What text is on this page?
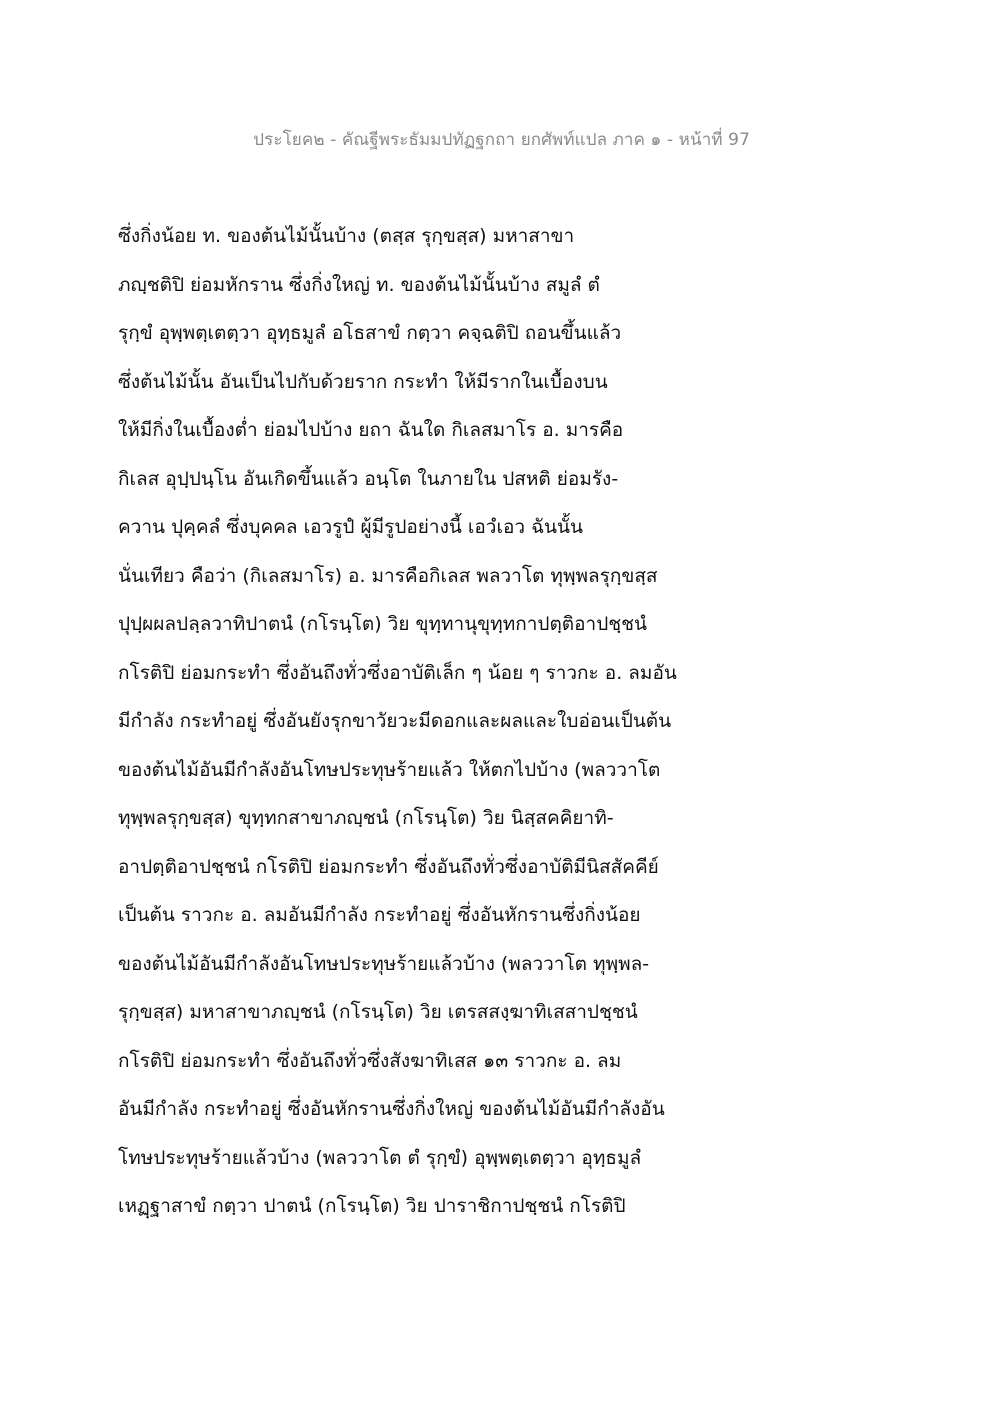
ประโยค๒ - คัณฐีพระธัมมปทัฏฐกถา ยกศัพท์แปล ภาค ๑ - หน้าที่ 97
ซึ่งกิ่งน้อย ท. ของต้นไม้นั้นบ้าง (ตสฺส รุกฺขสฺส) มหาสาขา
ภญฺชติปิ ย่อมหักราน ซึ่งกิ่งใหญ่ ท. ของต้นไม้นั้นบ้าง สมูลํ ตํ
รุกฺขํ อุพฺพตฺเตตฺวา อุทฺธมูลํ อโธสาขํ กตฺวา คจฺฉติปิ ถอนขึ้นแล้ว
ซึ่งต้นไม้นั้น อันเป็นไปกับด้วยราก กระทำ ให้มีรากในเบื้องบน
ให้มีกิ่งในเบื้องต่ำ ย่อมไปบ้าง ยถา ฉันใด กิเลสมาโร อ. มารคือ
กิเลส อุปฺปนฺโน อันเกิดขึ้นแล้ว อนฺโต ในภายใน ปสหติ ย่อมรัง-
ควาน ปุคฺคลํ ซึ่งบุคคล เอวรูปํ ผู้มีรูปอย่างนี้ เอวํเอว ฉันนั้น
นั่นเทียว คือว่า (กิเลสมาโร) อ. มารคือกิเลส พลวาโต ทุพฺพลรุกฺขสฺส
ปุปฺผผลปลฺลวาทิปาตนํ (กโรนฺโต) วิย ขุทฺทานุขุทฺทกาปตฺติอาปชฺชนํ
กโรติปิ ย่อมกระทำ ซึ่งอันถึงทั่วซึ่งอาบัติเล็ก ๆ น้อย ๆ ราวกะ อ. ลมอัน
มีกำลัง กระทำอยู่ ซึ่งอันยังรุกขาวัยวะมีดอกและผลและใบอ่อนเป็นต้น
ของต้นไม้อันมีกำลังอันโทษประทุษร้ายแล้ว ให้ตกไปบ้าง (พลววาโต
ทุพฺพลรุกฺขสฺส) ขุทฺทกสาขาภญฺชนํ (กโรนฺโต) วิย นิสฺสคคิยาทิ-
อาปตฺติอาปชฺชนํ กโรติปิ ย่อมกระทำ ซึ่งอันถึงทั่วซึ่งอาบัติมีนิสสัคคีย์
เป็นต้น ราวกะ อ. ลมอันมีกำลัง กระทำอยู่ ซึ่งอันหักรานซึ่งกิ่งน้อย
ของต้นไม้อันมีกำลังอันโทษประทุษร้ายแล้วบ้าง (พลววาโต ทุพฺพล-
รุกฺขสฺส) มหาสาขาภญฺชนํ (กโรนฺโต) วิย เตรสสงฺฆาทิเสสาปชฺชนํ
กโรติปิ ย่อมกระทำ ซึ่งอันถึงทั่วซึ่งสังฆาทิเสส ๑๓ ราวกะ อ. ลม
อันมีกำลัง กระทำอยู่ ซึ่งอันหักรานซึ่งกิ่งใหญ่ ของต้นไม้อันมีกำลังอัน
โทษประทุษร้ายแล้วบ้าง (พลววาโต ตํ รุกฺขํ) อุพฺพตฺเตตฺวา อุทฺธมูลํ
เหฏฺฐาสาขํ กตฺวา ปาตนํ (กโรนฺโต) วิย ปาราชิกาปชฺชนํ กโรติปิ
